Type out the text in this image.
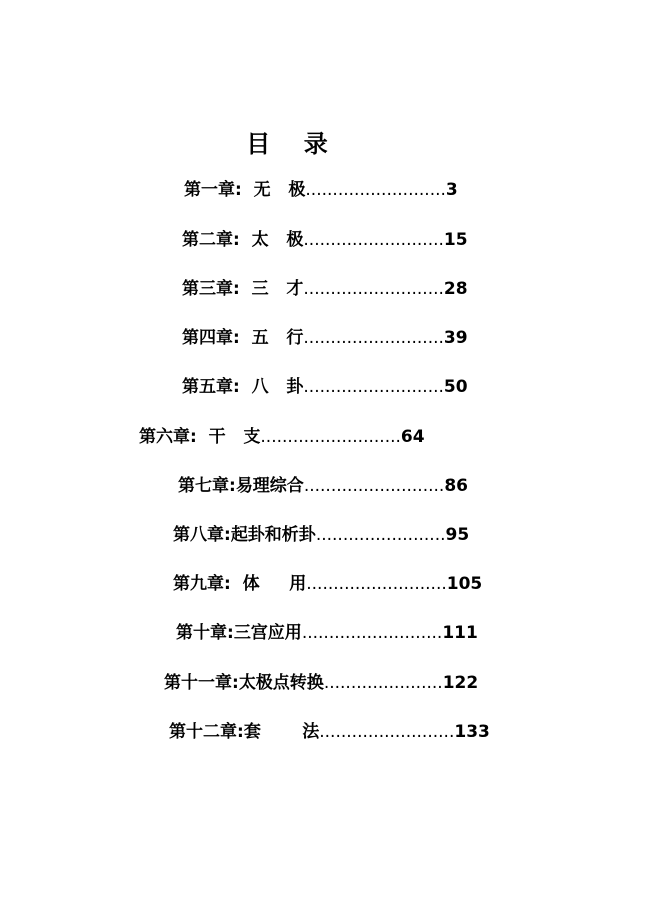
目    录
第一章:  无   极..........................3
第二章:  太   极..........................15
第三章:  三   才..........................28
第四章:  五   行..........................39
第五章:  八   卦..........................50
第六章:  干   支..........................64
第七章:易理综合..........................86
第八章:起卦和析卦........................95
第九章:  体     用..........................105
第十章:三宫应用..........................111
第十一章:太极点转换......................122
第十二章:套       法.........................133
